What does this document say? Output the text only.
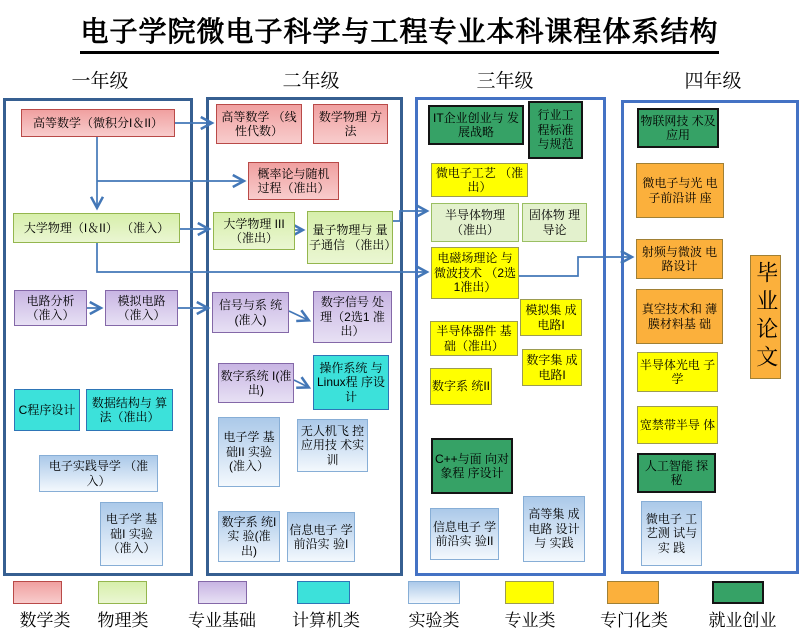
电子学院微电子科学与工程专业本科课程体系结构
一年级	二年级	三年级	四年级
高等数学（微积分I＆II）
大学物理（I＆II） （准入）
电路分析 （准入）
模拟电路 （准入）
C程序设计
数据结构与 算法（准出）
电子实践导学 （准入）
电子学 基础I 实验 （准入）
高等数学 （线性代数）
数学物理 方法
概率论与随机 过程（准出）
大学物理 III（准出）
量子物理与 量子通信 （准出）
信号与系 统(准入)
数字信号 处理（2选1 准出）
数字系统 I(准出)
操作系统 与Linux程 序设计
电子学 基础II 实验 (准入）
无人机飞 控应用技 术实训
数字系 统I实 验(准出)
信息电子 学前沿实 验I
IT企业创业与 发展战略
行业工 程标准 与规范
微电子工艺 （准出）
半导体物理 （准出）
固体物 理导论
电磁场理论 与微波技术 （2选1准出）
模拟集 成电路I
半导体器件 基础（准出）
数字集 成电路I
数字系 统II
C++与面 向对象程 序设计
信息电子 学前沿实 验II
高等集 成电路 设计与 实践
物联网技 术及应用
微电子与光 电子前沿讲 座
射频与微波 电路设计
真空技术和 薄膜材料基 础
半导体光电 子学
宽禁带半导 体
人工智能 探秘
微电子 工艺测 试与实 践
毕业论文
数学类	物理类	专业基础	计算机类	实验类	专业类	专门化类	就业创业
